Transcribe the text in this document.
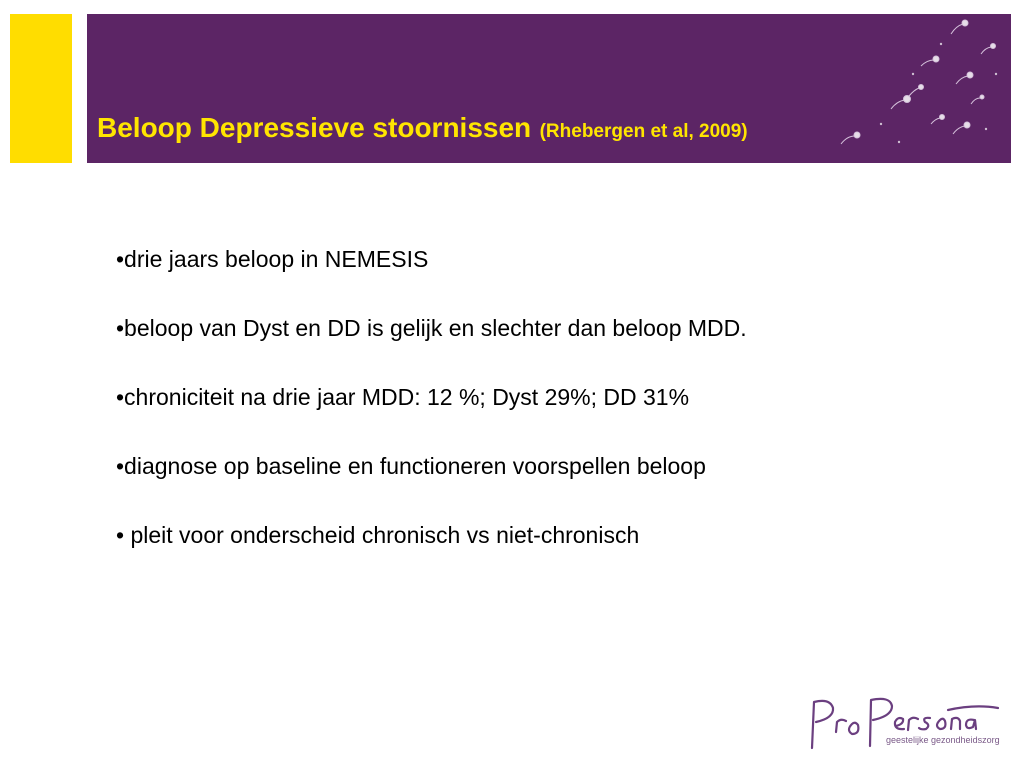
Beloop Depressieve stoornissen (Rhebergen et al, 2009)
•drie jaars beloop in NEMESIS
•beloop van Dyst en DD is gelijk en slechter dan beloop MDD.
•chroniciteit na drie jaar MDD: 12 %; Dyst 29%; DD 31%
•diagnose op baseline en functioneren voorspellen beloop
• pleit voor onderscheid chronisch vs niet-chronisch
geestelijke gezondheidszorg
